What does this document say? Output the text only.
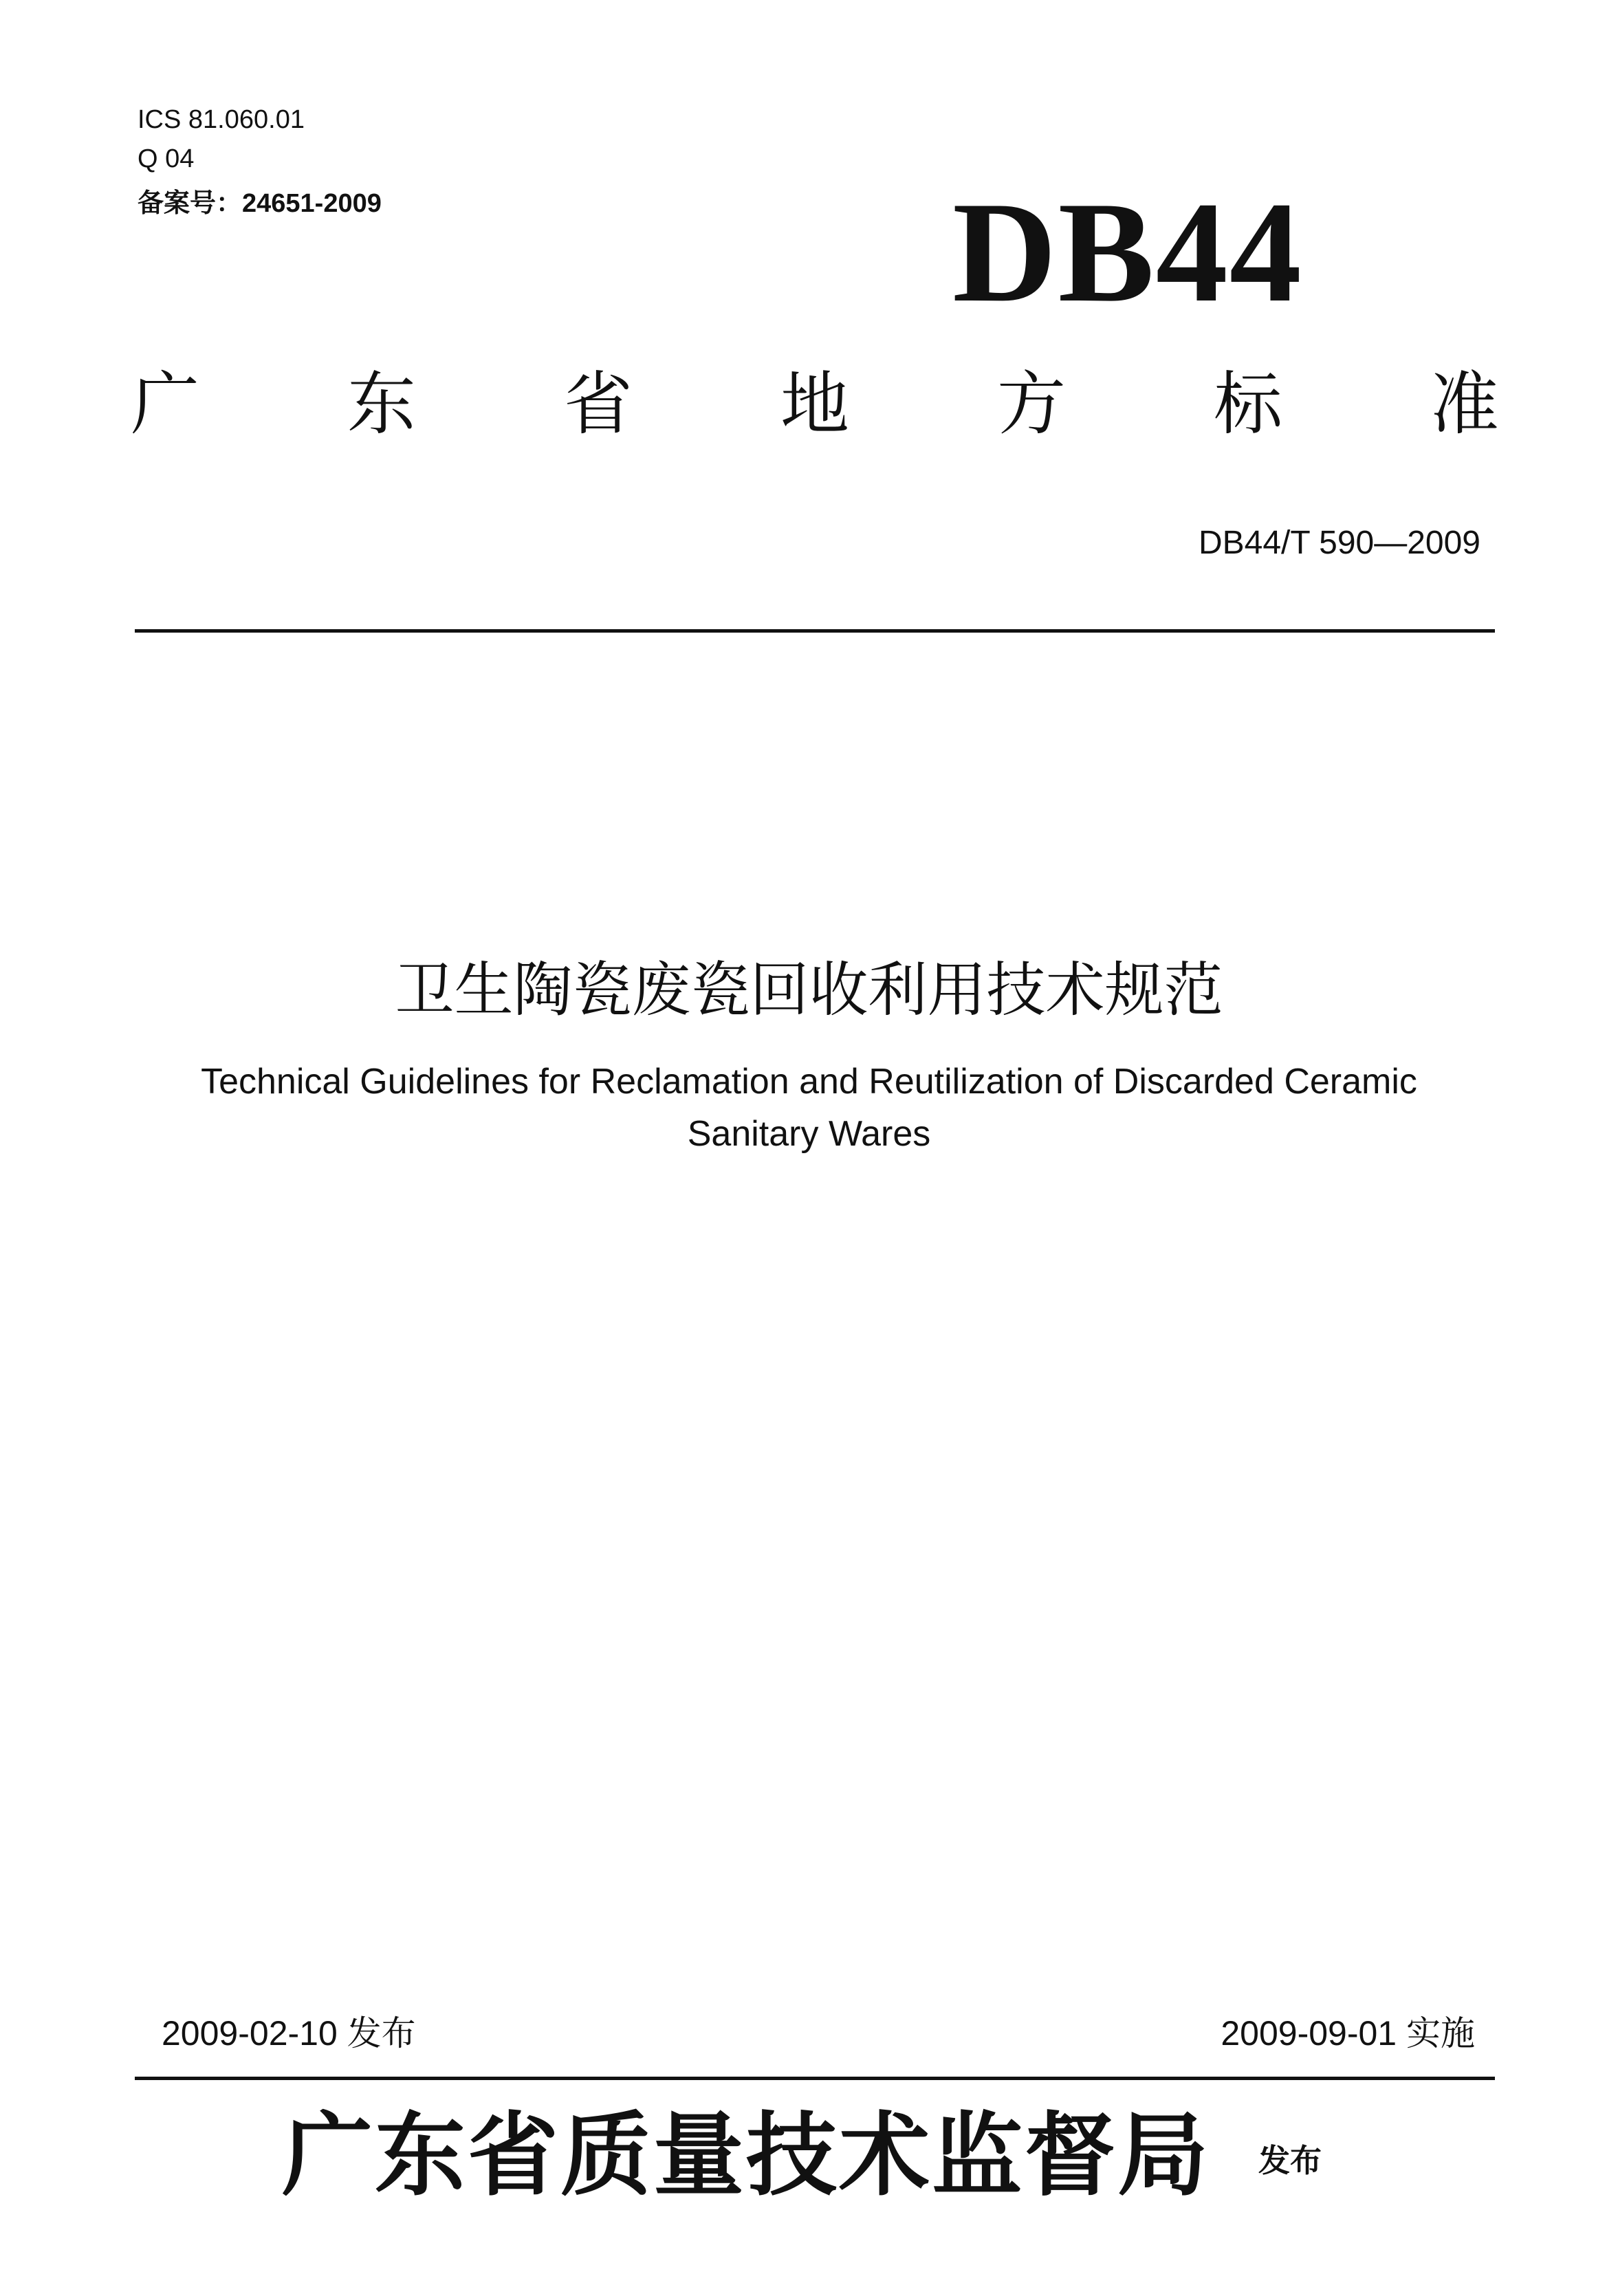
ICS 81.060.01
Q 04
备案号：24651-2009	DB44
广 东 省 地 方 标 准
DB44/T 590—2009
卫生陶瓷废瓷回收利用技术规范
Technical Guidelines for Reclamation and Reutilization of Discarded Ceramic
Sanitary Wares
2009-02-10 发布	2009-09-01 实施
广东省质量技术监督局 发布
